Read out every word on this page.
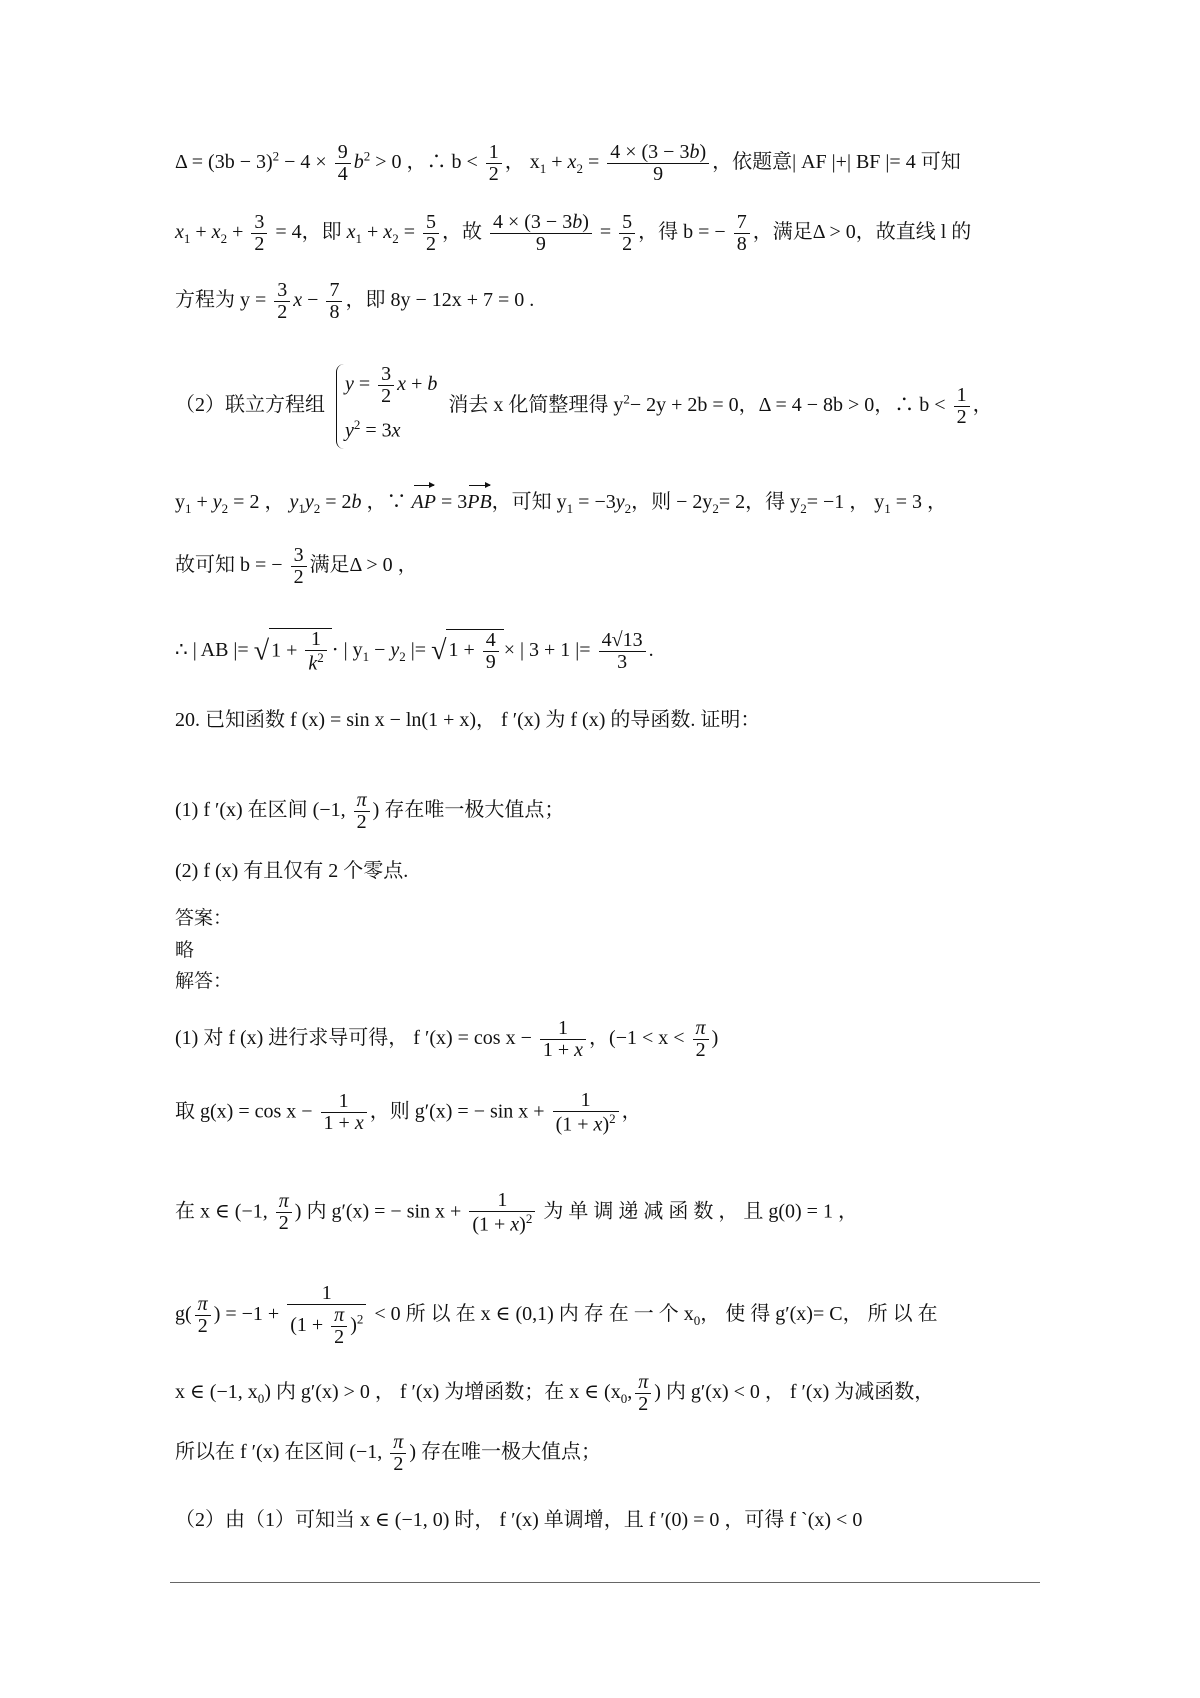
$\Delta = (3b - 3)^2 - 4 \times \frac{9}{4} b^2 > 0$ ，∴ $b < \frac{1}{2}$ ， $x_1 + x_2 = \frac{4 \times (3 - 3b)}{9}$ ，依题意| AF |+| BF |= 4 可知
$x_1 + x_2 + \frac{3}{2} = 4$，即 $x_1 + x_2 = \frac{5}{2}$ ，故 $\frac{4 \times (3 - 3b)}{9} = \frac{5}{2}$ ，得 b = − $\frac{7}{8}$ ，满足Δ > 0，故直线 l 的
方程为 $y = \frac{3}{2}$ $x - \frac{7}{8}$ ，即 8y − 12x + 7 = 0 .
（2）联立方程组
$y = \frac{3}{2}$ x + b
$y^2 = 3x$
消去 x 化简整理得 $y^2- 2y + 2b = 0$，Δ = 4 − 8b > 0，∴ $b < \frac{1}{2}$ ，
$y_1 + y_2 = 2$ ， $y_1y_2 = 2b$ ，∵ AP = 3PB，可知 $y_1 = -3y_2$，则 − $2y_2= 2$，得 $y_2= -1$ ， $y_1 = 3$ ，
故可知 b = − $\frac{3}{2}$ 满足Δ > 0 ，
∴ | AB |= √ $1 + \frac{1}{k^2}$ ⋅ | $y_1 - y_2$ |= √ $1 + \frac{4}{9}$ × | 3 + 1 |= $\frac{4√13}{3}$ .
20. 已知函数 f (x) = sin x − ln(1 + x)， f ′(x) 为 f (x) 的导函数. 证明：
(1) f ′(x) 在区间 (−1, $\frac{\pi}{2}$ ) 存在唯一极大值点；
(2) f (x) 有且仅有 2 个零点.
答案：
略
解答：
(1) 对 f (x) 进行求导可得， f $'(x) = \cos x - \frac{1}{1 + x}$ ，($-1 < x < \frac{\pi}{2}$ )
取 $g(x) = \cos x - \frac{1}{1 + x}$ ，则 g′(x) = − $\sin x + \frac{1}{(1 + x)^2}$ ，
在 x ∈ (−1, $\frac{\pi}{2}$ ) 内 g′(x) = − $\sin x + \frac{1}{(1 + x)^2}$ 为 单 调 递 减 函 数 ， 且 g(0) = 1 ，
$g( \frac{\pi}{2}$ ) = $-1 + \frac{1}{(1 + \frac{\pi}{2} )^2} < 0$ 所 以 在 x ∈ (0,1) 内 存 在 一 个 $x_0$， 使 得 g′(x)= C， 所 以 在
x ∈ (−1, $x_0$) 内 g′(x) > 0 ， f ′(x) 为增函数；在 x ∈ ($x_0$, $\frac{\pi}{2}$ ) 内 g′(x) < 0 ， f ′(x) 为减函数，
所以在 f ′(x) 在区间 (−1, $\frac{\pi}{2}$ ) 存在唯一极大值点；
（2）由（1）可知当 x ∈ (−1, 0) 时， f ′(x) 单调增，且 f ′(0) = 0 ，可得 f ˋ(x) < 0
